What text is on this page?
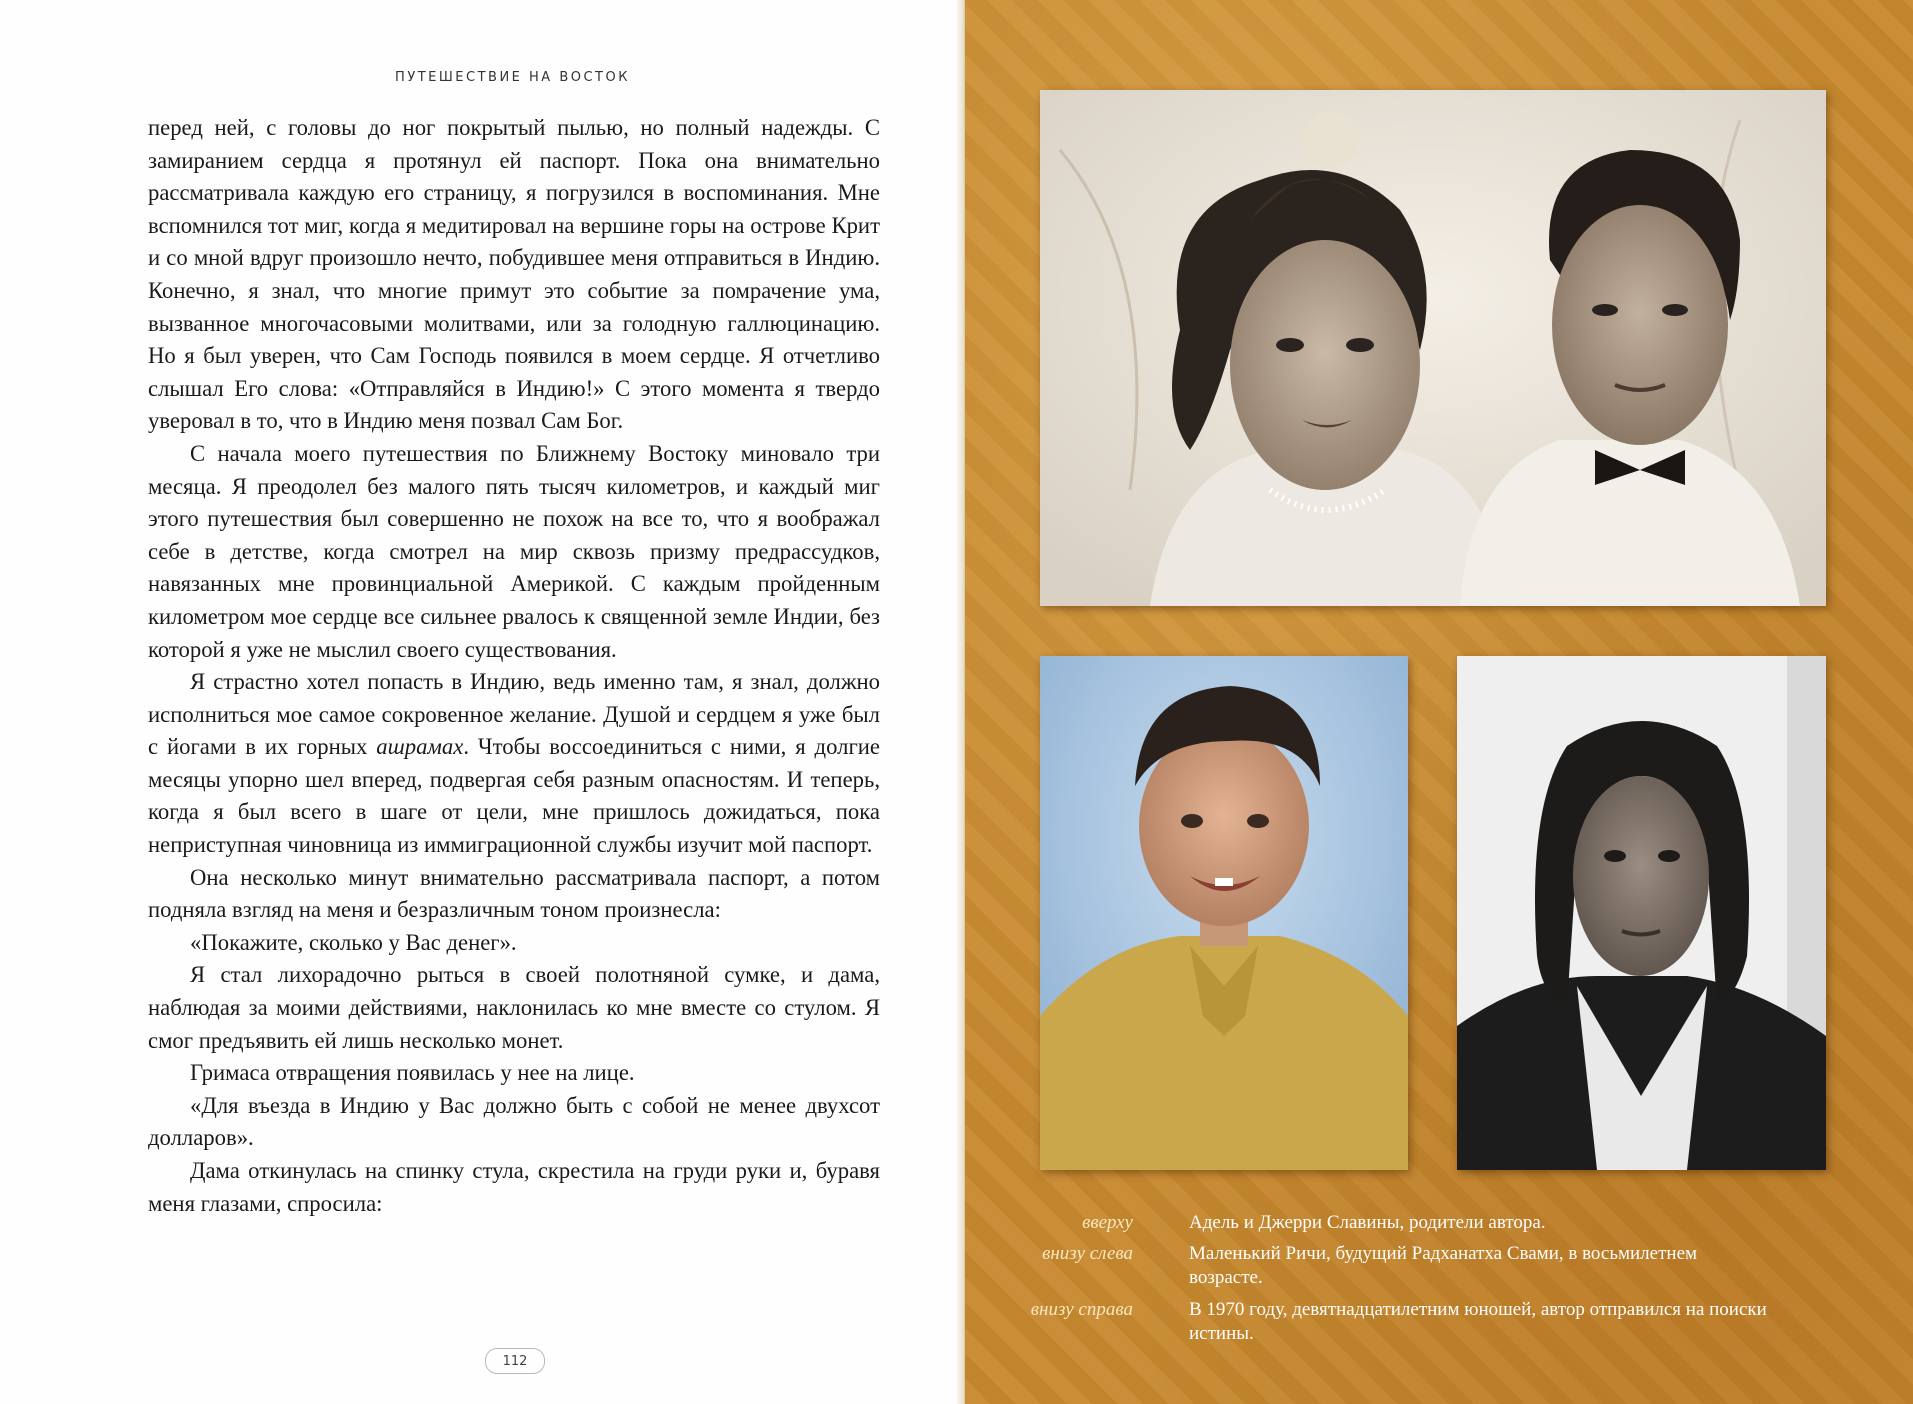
ПУТЕШЕСТВИЕ НА ВОСТОК

перед ней, с головы до ног покрытый пылью, но полный надежды. С замиранием сердца я протянул ей паспорт. Пока она внимательно рассматривала каждую его страницу, я погрузился в воспоминания. Мне вспомнился тот миг, когда я медитировал на вершине горы на острове Крит и со мной вдруг произошло нечто, побудившее меня отправиться в Индию. Конечно, я знал, что многие примут это событие за помрачение ума, вызванное многочасовыми молитвами, или за голодную галлюцинацию. Но я был уверен, что Сам Господь появился в моем сердце. Я отчетливо слышал Его слова: «Отправляйся в Индию!» С этого момента я твердо уверовал в то, что в Индию меня позвал Сам Бог.

С начала моего путешествия по Ближнему Востоку миновало три месяца. Я преодолел без малого пять тысяч километров, и каждый миг этого путешествия был совершенно не похож на все то, что я воображал себе в детстве, когда смотрел на мир сквозь призму предрассудков, навязанных мне провинциальной Америкой. С каждым пройденным километром мое сердце все сильнее рвалось к священной земле Индии, без которой я уже не мыслил своего существования.

Я страстно хотел попасть в Индию, ведь именно там, я знал, должно исполниться мое самое сокровенное желание. Душой и сердцем я уже был с йогами в их горных ашрамах. Чтобы воссоединиться с ними, я долгие месяцы упорно шел вперед, подвергая себя разным опасностям. И теперь, когда я был всего в шаге от цели, мне пришлось дожидаться, пока неприступная чиновница из иммиграционной службы изучит мой паспорт.

Она несколько минут внимательно рассматривала паспорт, а потом подняла взгляд на меня и безразличным тоном произнесла:

«Покажите, сколько у Вас денег».

Я стал лихорадочно рыться в своей полотняной сумке, и дама, наблюдая за моими действиями, наклонилась ко мне вместе со стулом. Я смог предъявить ей лишь несколько монет.

Гримаса отвращения появилась у нее на лице.

«Для въезда в Индию у Вас должно быть с собой не менее двухсот долларов».

Дама откинулась на спинку стула, скрестила на груди руки и, буравя меня глазами, спросила:

112
вверху	Адель и Джерри Славины, родители автора.
внизу слева	Маленький Ричи, будущий Радханатха Свами, в восьмилетнем возрасте.
внизу справа	В 1970 году, девятнадцатилетним юношей, автор отправился на поиски истины.
